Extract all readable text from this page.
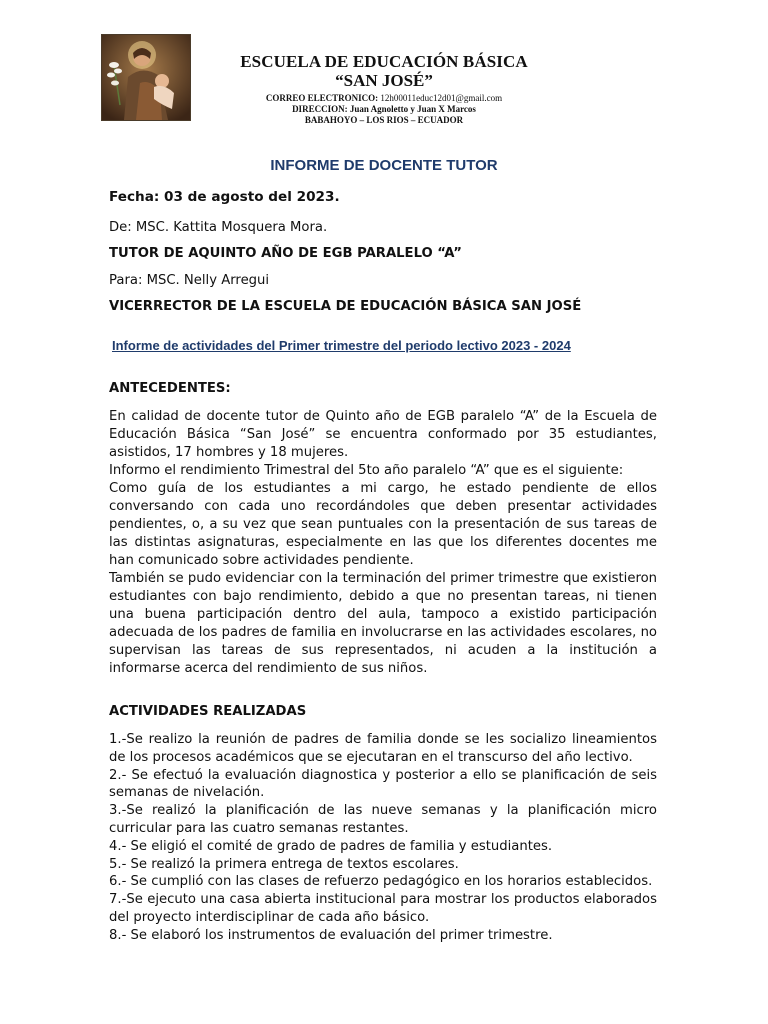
ESCUELA DE EDUCACIÓN BÁSICA
“SAN JOSÉ”
CORREO ELECTRONICO: 12h00011educ12d01@gmail.com
DIRECCION: Juan Agnoletto y Juan X Marcos
BABAHOYO – LOS RIOS – ECUADOR
INFORME DE DOCENTE TUTOR
Fecha: 03 de agosto del 2023.
De: MSC. Kattita Mosquera Mora.
TUTOR DE AQUINTO AÑO DE EGB PARALELO “A”
Para: MSC. Nelly Arregui
VICERRECTOR DE LA ESCUELA DE EDUCACIÓN BÁSICA SAN JOSÉ
Informe de actividades del Primer trimestre del periodo lectivo 2023 - 2024
ANTECEDENTES:

En calidad de docente tutor de Quinto año de EGB paralelo “A” de la Escuela de Educación Básica “San José” se encuentra conformado por 35 estudiantes, asistidos, 17 hombres y 18 mujeres.

Informo el rendimiento Trimestral del 5to año paralelo “A” que es el siguiente:

Como guía de los estudiantes a mi cargo, he estado pendiente de ellos conversando con cada uno recordándoles que deben presentar actividades pendientes, o, a su vez que sean puntuales con la presentación de sus tareas de las distintas asignaturas, especialmente en las que los diferentes docentes me han comunicado sobre actividades pendiente.

También se pudo evidenciar con la terminación del primer trimestre que existieron estudiantes con bajo rendimiento, debido a que no presentan tareas, ni tienen una buena participación dentro del aula, tampoco a existido participación adecuada de los padres de familia en involucrarse en las actividades escolares, no supervisan las tareas de sus representados, ni acuden a la institución a informarse acerca del rendimiento de sus niños.

ACTIVIDADES REALIZADAS
1.-Se realizo la reunión de padres de familia donde se les socializo lineamientos de los procesos académicos que se ejecutaran en el transcurso del año lectivo.
2.- Se efectuó la evaluación diagnostica y posterior a ello se planificación de seis semanas de nivelación.
3.-Se realizó la planificación de las nueve semanas y la planificación micro curricular para las cuatro semanas restantes.
4.- Se eligió el comité de grado de padres de familia y estudiantes.
5.- Se realizó la primera entrega de textos escolares.
6.- Se cumplió con las clases de refuerzo pedagógico en los horarios establecidos.
7.-Se ejecuto una casa abierta institucional para mostrar los productos elaborados del proyecto interdisciplinar de cada año básico.
8.- Se elaboró los instrumentos de evaluación del primer trimestre.
